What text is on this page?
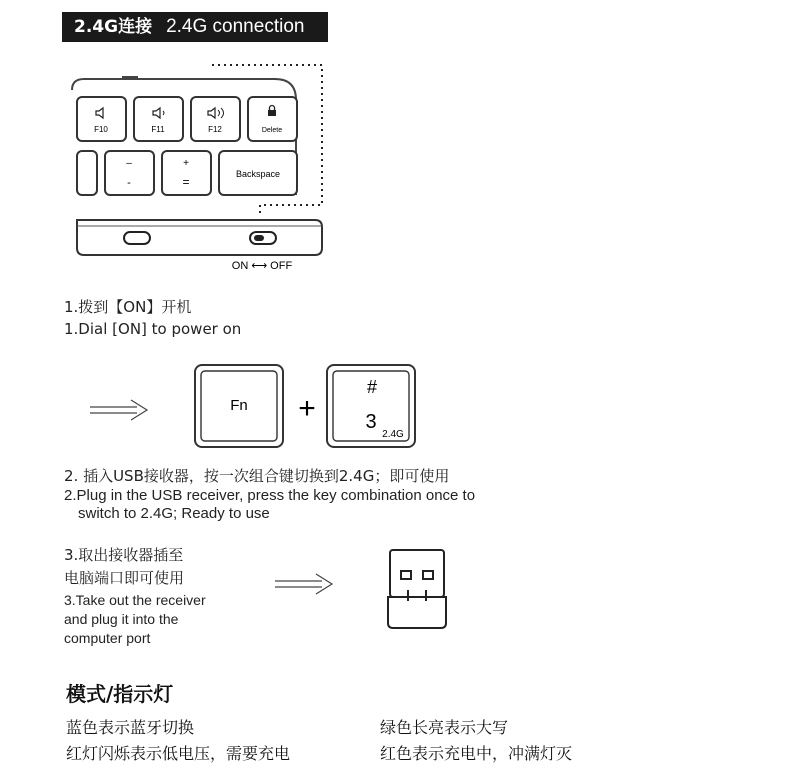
2.4G连接 2.4G connection
F10	F11	F12	Delete
–
-
+
=
Backspace
ON ⟷ OFF
1.拨到【ON】开机
1.Dial [ON] to power on
Fn +
#
3
2.4G
2. 插入USB接收器，按一次组合键切换到2.4G；即可使用
2.Plug in the USB receiver, press the key combination once to
switch to 2.4G; Ready to use
3.取出接收器插至
电脑端口即可使用
3.Take out the receiver
and plug it into the
computer port
模式/指示灯
蓝色表示蓝牙切换
红灯闪烁表示低电压，需要充电
绿色长亮表示大写
红色表示充电中，冲满灯灭
